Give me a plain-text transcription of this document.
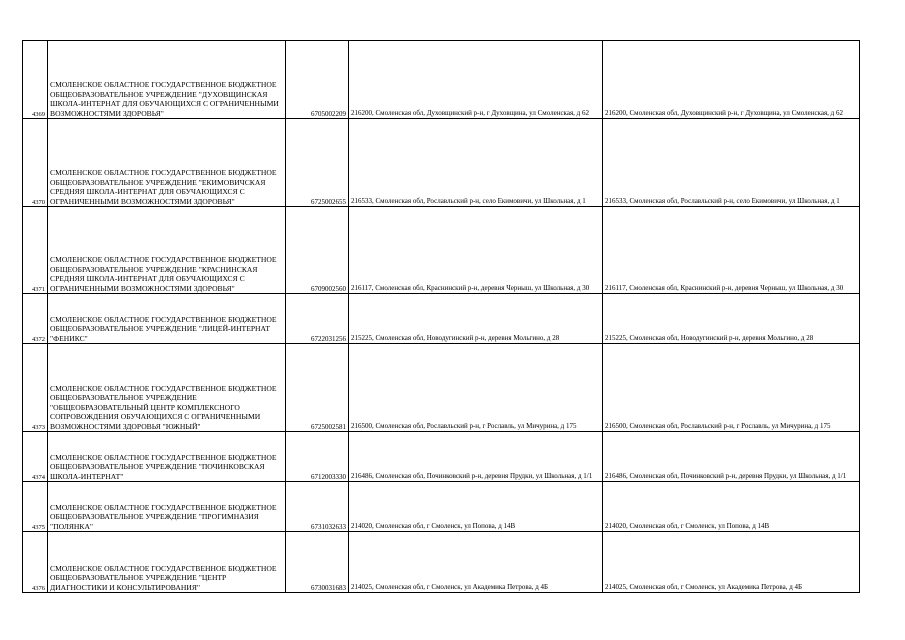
4369	СМОЛЕНСКОЕ ОБЛАСТНОЕ ГОСУДАРСТВЕННОЕ БЮДЖЕТНОЕ ОБЩЕОБРАЗОВАТЕЛЬНОЕ УЧРЕЖДЕНИЕ "ДУХОВЩИНСКАЯ ШКОЛА-ИНТЕРНАТ ДЛЯ ОБУЧАЮЩИХСЯ С ОГРАНИЧЕННЫМИ ВОЗМОЖНОСТЯМИ ЗДОРОВЬЯ"	6705002209	216200, Смоленская обл, Духовщинский р-н, г Духовщина, ул Смоленская, д 62	216200, Смоленская обл, Духовщинский р-н, г Духовщина, ул Смоленская, д 62
4370	СМОЛЕНСКОЕ ОБЛАСТНОЕ ГОСУДАРСТВЕННОЕ БЮДЖЕТНОЕ ОБЩЕОБРАЗОВАТЕЛЬНОЕ УЧРЕЖДЕНИЕ "ЕКИМОВИЧСКАЯ СРЕДНЯЯ ШКОЛА-ИНТЕРНАТ ДЛЯ ОБУЧАЮЩИХСЯ С ОГРАНИЧЕННЫМИ ВОЗМОЖНОСТЯМИ ЗДОРОВЬЯ"	6725002655	216533, Смоленская обл, Рославльский р-н, село Екимовичи, ул Школьная, д 1	216533, Смоленская обл, Рославльский р-н, село Екимовичи, ул Школьная, д 1
4371	СМОЛЕНСКОЕ ОБЛАСТНОЕ ГОСУДАРСТВЕННОЕ БЮДЖЕТНОЕ ОБЩЕОБРАЗОВАТЕЛЬНОЕ УЧРЕЖДЕНИЕ "КРАСНИНСКАЯ СРЕДНЯЯ ШКОЛА-ИНТЕРНАТ ДЛЯ ОБУЧАЮЩИХСЯ С ОГРАНИЧЕННЫМИ ВОЗМОЖНОСТЯМИ ЗДОРОВЬЯ"	6709002560	216117, Смоленская обл, Краснинский р-н, деревня Черныш, ул Школьная, д 30	216117, Смоленская обл, Краснинский р-н, деревня Черныш, ул Школьная, д 30
4372	СМОЛЕНСКОЕ ОБЛАСТНОЕ ГОСУДАРСТВЕННОЕ БЮДЖЕТНОЕ ОБЩЕОБРАЗОВАТЕЛЬНОЕ УЧРЕЖДЕНИЕ "ЛИЦЕЙ-ИНТЕРНАТ "ФЕНИКС"	6722031256	215225, Смоленская обл, Новодугинский р-н, деревня Мольгино, д 28	215225, Смоленская обл, Новодугинский р-н, деревня Мольгино, д 28
4373	СМОЛЕНСКОЕ ОБЛАСТНОЕ ГОСУДАРСТВЕННОЕ БЮДЖЕТНОЕ ОБЩЕОБРАЗОВАТЕЛЬНОЕ УЧРЕЖДЕНИЕ "ОБЩЕОБРАЗОВАТЕЛЬНЫЙ ЦЕНТР КОМПЛЕКСНОГО СОПРОВОЖДЕНИЯ ОБУЧАЮЩИХСЯ С ОГРАНИЧЕННЫМИ ВОЗМОЖНОСТЯМИ ЗДОРОВЬЯ "ЮЖНЫЙ"	6725002581	216500, Смоленская обл, Рославльский р-н, г Рославль, ул Мичурина, д 175	216500, Смоленская обл, Рославльский р-н, г Рославль, ул Мичурина, д 175
4374	СМОЛЕНСКОЕ ОБЛАСТНОЕ ГОСУДАРСТВЕННОЕ БЮДЖЕТНОЕ ОБЩЕОБРАЗОВАТЕЛЬНОЕ УЧРЕЖДЕНИЕ "ПОЧИНКОВСКАЯ ШКОЛА-ИНТЕРНАТ"	6712003330	216486, Смоленская обл, Починковский р-н, деревня Прудки, ул Школьная, д 1/1	216486, Смоленская обл, Починковский р-н, деревня Прудки, ул Школьная, д 1/1
4375	СМОЛЕНСКОЕ ОБЛАСТНОЕ ГОСУДАРСТВЕННОЕ БЮДЖЕТНОЕ ОБЩЕОБРАЗОВАТЕЛЬНОЕ УЧРЕЖДЕНИЕ "ПРОГИМНАЗИЯ "ПОЛЯНКА"	6731032633	214020, Смоленская обл, г Смоленск, ул Попова, д 14В	214020, Смоленская обл, г Смоленск, ул Попова, д 14В
4376	СМОЛЕНСКОЕ ОБЛАСТНОЕ ГОСУДАРСТВЕННОЕ БЮДЖЕТНОЕ ОБЩЕОБРАЗОВАТЕЛЬНОЕ УЧРЕЖДЕНИЕ "ЦЕНТР ДИАГНОСТИКИ И КОНСУЛЬТИРОВАНИЯ"	6730031683	214025, Смоленская обл, г Смоленск, ул Академика Петрова, д 4Б	214025, Смоленская обл, г Смоленск, ул Академика Петрова, д 4Б
